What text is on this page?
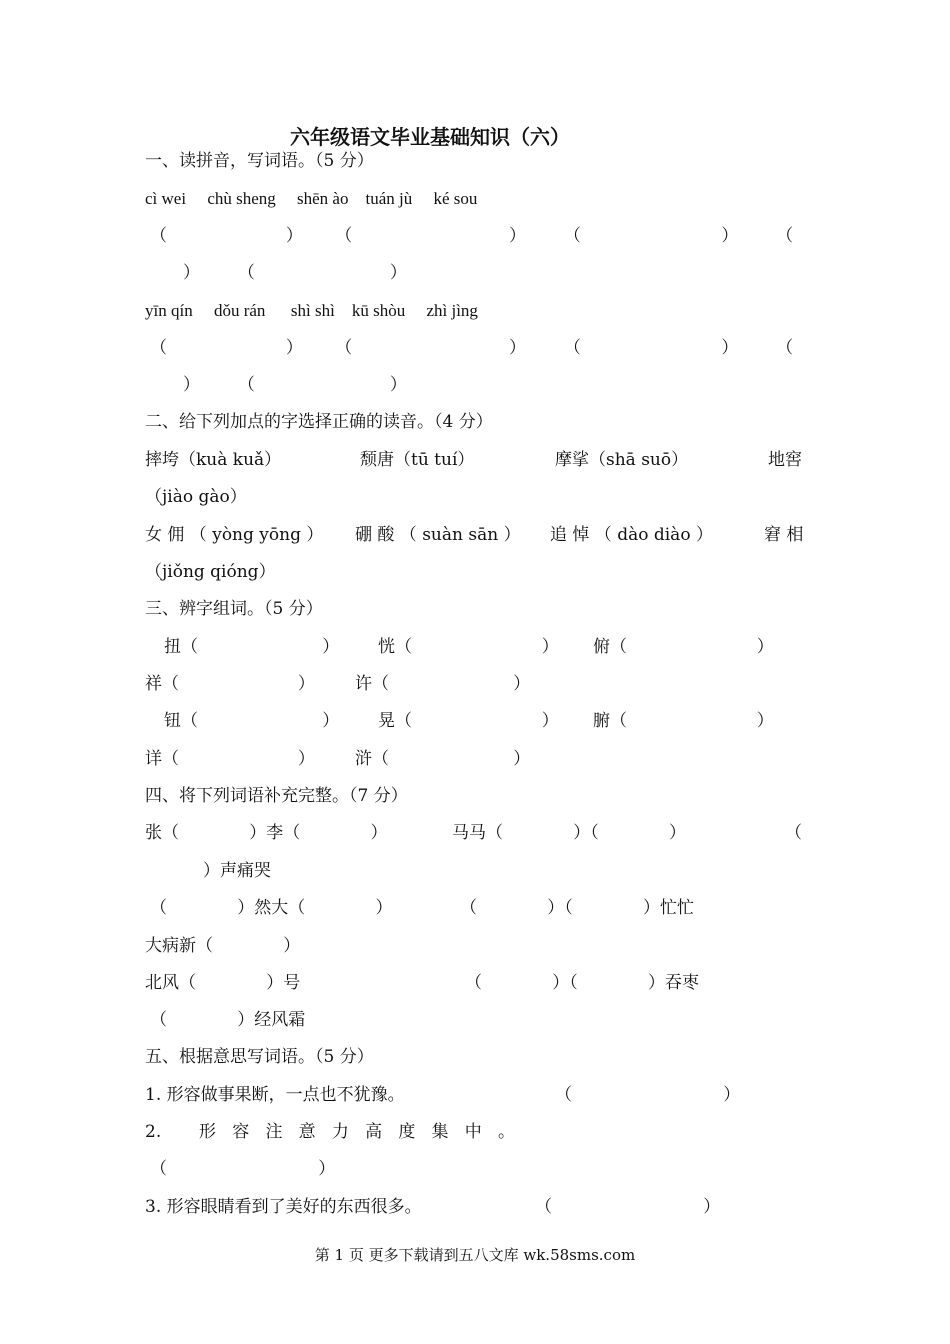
六年级语文毕业基础知识（六）
一、读拼音，写词语。（5 分）
cì wei     chù sheng     shēn ào    tuán jù     ké sou
（                      ）      （                             ）       （                          ）       （
）       （                         ）
yīn qín     dǒu rán      shì shì    kū shòu     zhì jìng
（                      ）      （                             ）       （                          ）       （
）       （                         ）
二、给下列加点的字选择正确的读音。（4 分）
摔垮（kuà kuǎ）	颓唐（tū tuí）	摩挲（shā suō）	地窖
（jiào gào）
女 佣 （ yòng yōng ） 硼 酸 （ suàn sān ） 追 悼 （ dào diào ）	窘 相
（jiǒng qióng）
三、辨字组词。（5 分）
扭（                       ） 恍（                        ） 俯（                        ）
祥（                      ） 许（                       ）
钮（                       ） 晃（                        ） 腑（                        ）
详（                      ） 浒（                       ）
四、将下列词语补充完整。（7 分）
张（             ）李（             ）	马马（             ）（             ）	（
）声痛哭
（             ）然大（             ）	（             ）（             ）忙忙
大病新（             ）
北风（             ）号	（             ）（             ）吞枣
（             ）经风霜
五、根据意思写词语。（5 分）
1. 形容做事果断，一点也不犹豫。	（                            ）
2.       形   容   注   意   力   高   度   集   中   。
（                            ）
3. 形容眼睛看到了美好的东西很多。	（                            ）
第 1 页 更多下载请到五八文库 wk.58sms.com
